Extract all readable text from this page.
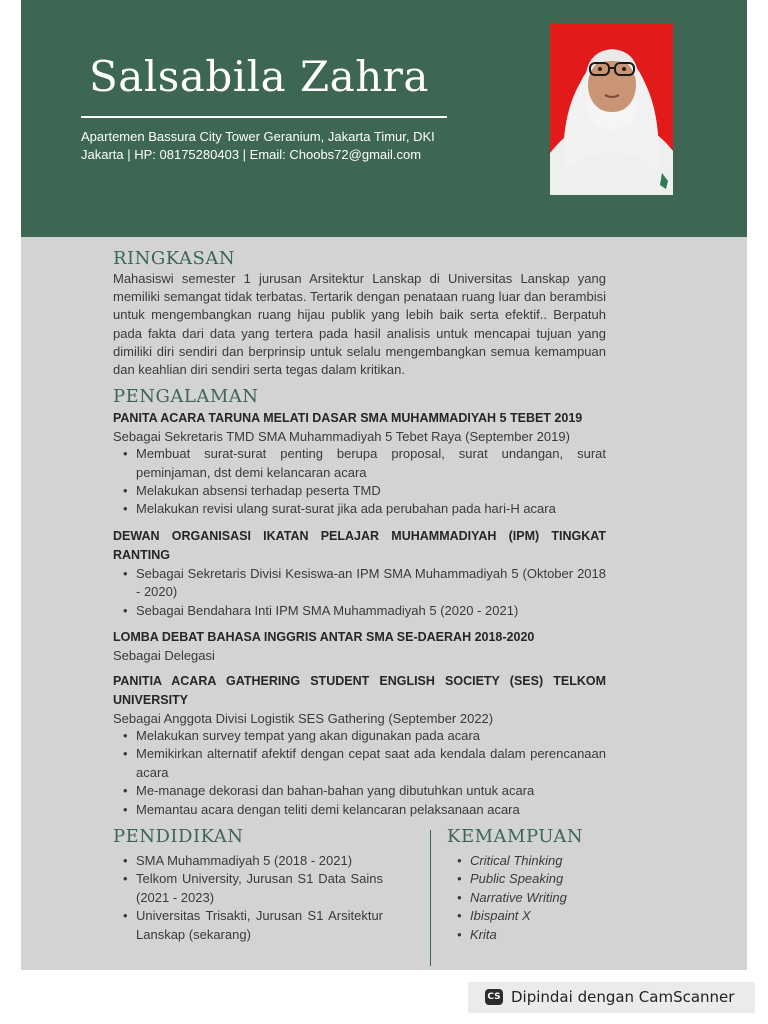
Salsabila Zahra
Apartemen Bassura City Tower Geranium, Jakarta Timur, DKI
Jakarta | HP: 08175280403 | Email: Choobs72@gmail.com
RINGKASAN

Mahasiswi semester 1 jurusan Arsitektur Lanskap di Universitas Lanskap yang memiliki semangat tidak terbatas. Tertarik dengan penataan ruang luar dan berambisi untuk mengembangkan ruang hijau publik yang lebih baik serta efektif.. Berpatuh pada fakta dari data yang tertera pada hasil analisis untuk mencapai tujuan yang dimiliki diri sendiri dan berprinsip untuk selalu mengembangkan semua kemampuan dan keahlian diri sendiri serta tegas dalam kritikan.

PENGALAMAN
PANITA ACARA TARUNA MELATI DASAR SMA MUHAMMADIYAH 5 TEBET 2019
Sebagai Sekretaris TMD SMA Muhammadiyah 5 Tebet Raya (September 2019)
• Membuat surat-surat penting berupa proposal, surat undangan, surat peminjaman, dst demi kelancaran acara
• Melakukan absensi terhadap peserta TMD
• Melakukan revisi ulang surat-surat jika ada perubahan pada hari-H acara
DEWAN ORGANISASI IKATAN PELAJAR MUHAMMADIYAH (IPM) TINGKAT RANTING
• Sebagai Sekretaris Divisi Kesiswa-an IPM SMA Muhammadiyah 5 (Oktober 2018 - 2020)
• Sebagai Bendahara Inti IPM SMA Muhammadiyah 5 (2020 - 2021)
LOMBA DEBAT BAHASA INGGRIS ANTAR SMA SE-DAERAH 2018-2020
Sebagai Delegasi
PANITIA ACARA GATHERING STUDENT ENGLISH SOCIETY (SES) TELKOM UNIVERSITY
Sebagai Anggota Divisi Logistik SES Gathering (September 2022)
• Melakukan survey tempat yang akan digunakan pada acara
• Memikirkan alternatif afektif dengan cepat saat ada kendala dalam perencanaan acara
• Me-manage dekorasi dan bahan-bahan yang dibutuhkan untuk acara
• Memantau acara dengan teliti demi kelancaran pelaksanaan acara
PENDIDIKAN
• SMA Muhammadiyah 5 (2018 - 2021)
• Telkom University, Jurusan S1 Data Sains (2021 - 2023)
• Universitas Trisakti, Jurusan S1 Arsitektur Lanskap (sekarang)
KEMAMPUAN
• Critical Thinking
• Public Speaking
• Narrative Writing
• Ibispaint X
• Krita
CS Dipindai dengan CamScanner
